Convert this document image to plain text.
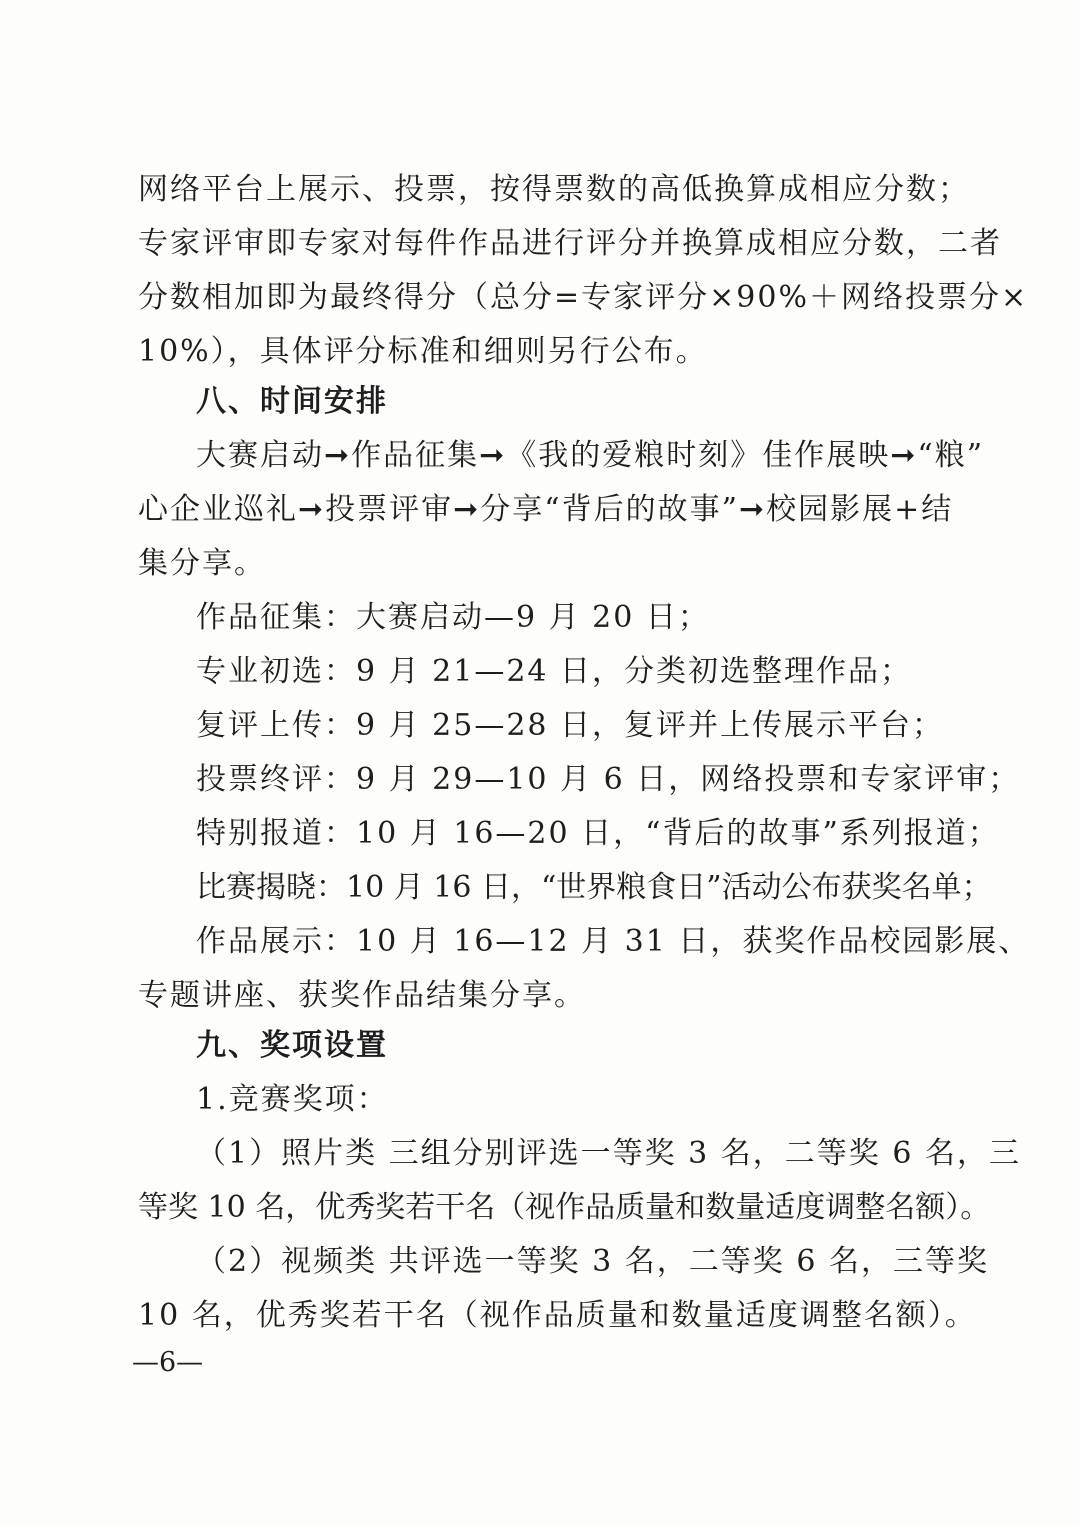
网络平台上展示、投票，按得票数的高低换算成相应分数；
专家评审即专家对每件作品进行评分并换算成相应分数，二者
分数相加即为最终得分（总分=专家评分×90%＋网络投票分×
10%），具体评分标准和细则另行公布。
八、时间安排
大赛启动➞作品征集➞《我的爱粮时刻》佳作展映➞“粮”
心企业巡礼➞投票评审➞分享“背后的故事”➞校园影展+结
集分享。
作品征集：大赛启动—9 月 20 日；
专业初选：9 月 21—24 日，分类初选整理作品；
复评上传：9 月 25—28 日，复评并上传展示平台；
投票终评：9 月 29—10 月 6 日，网络投票和专家评审；
特别报道：10 月 16—20 日，“背后的故事”系列报道；
比赛揭晓：10 月 16 日，“世界粮食日”活动公布获奖名单；
作品展示：10 月 16—12 月 31 日，获奖作品校园影展、
专题讲座、获奖作品结集分享。
九、奖项设置
1.竞赛奖项：
（1）照片类 三组分别评选一等奖 3 名，二等奖 6 名，三
等奖 10 名，优秀奖若干名（视作品质量和数量适度调整名额）。
（2）视频类 共评选一等奖 3 名，二等奖 6 名，三等奖
10 名，优秀奖若干名（视作品质量和数量适度调整名额）。
—6—
